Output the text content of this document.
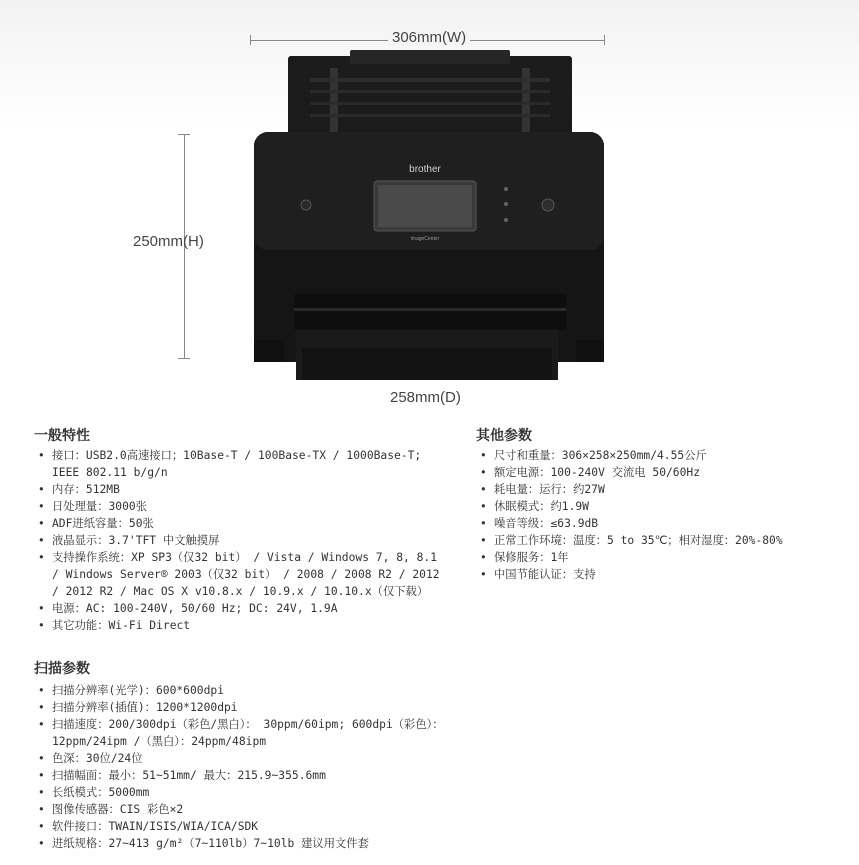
306mm(W)
250mm(H)
258mm(D)
brother
imageCenter
一般特性
• 接口：USB2.0高速接口；10Base-T / 100Base-TX / 1000Base-T; IEEE 802.11 b/g/n
• 内存：512MB
• 日处理量：3000张
• ADF进纸容量：50张
• 液晶显示：3.7'TFT 中文触摸屏
• 支持操作系统：XP SP3（仅32 bit） / Vista / Windows 7, 8, 8.1 / Windows Server® 2003（仅32 bit） / 2008 / 2008 R2 / 2012 / 2012 R2 / Mac OS X v10.8.x / 10.9.x / 10.10.x（仅下载）
• 电源：AC: 100-240V, 50/60 Hz; DC: 24V, 1.9A
• 其它功能：Wi-Fi Direct
扫描参数
• 扫描分辨率(光学)：600*600dpi
• 扫描分辨率(插值)：1200*1200dpi
• 扫描速度：200/300dpi（彩色/黑白）： 30ppm/60ipm; 600dpi（彩色）：12ppm/24ipm /（黑白）：24ppm/48ipm
• 色深：30位/24位
• 扫描幅面：最小：51~51mm/ 最大：215.9~355.6mm
• 长纸模式：5000mm
• 图像传感器：CIS 彩色×2
• 软件接口：TWAIN/ISIS/WIA/ICA/SDK
• 进纸规格：27~413 g/m²（7~110lb）7~10lb 建议用文件套
其他参数
• 尺寸和重量：306×258×250mm/4.55公斤
• 额定电源：100-240V 交流电 50/60Hz
• 耗电量：运行：约27W
• 休眠模式：约1.9W
• 噪音等级：≤63.9dB
• 正常工作环境：温度：5 to 35℃；相对湿度：20%-80%
• 保修服务：1年
• 中国节能认证：支持
